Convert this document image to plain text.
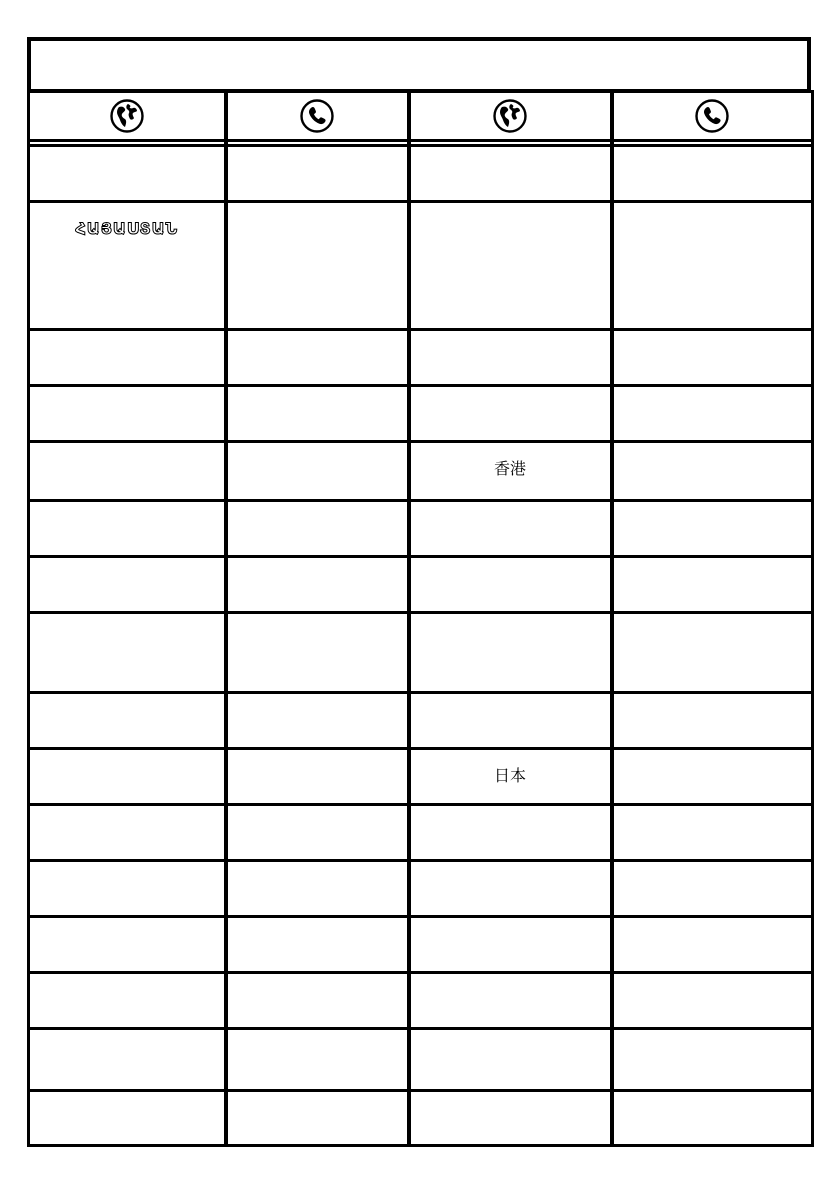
ՀԱՅԱՍՏԱՆ			

		香港	

		日本	
